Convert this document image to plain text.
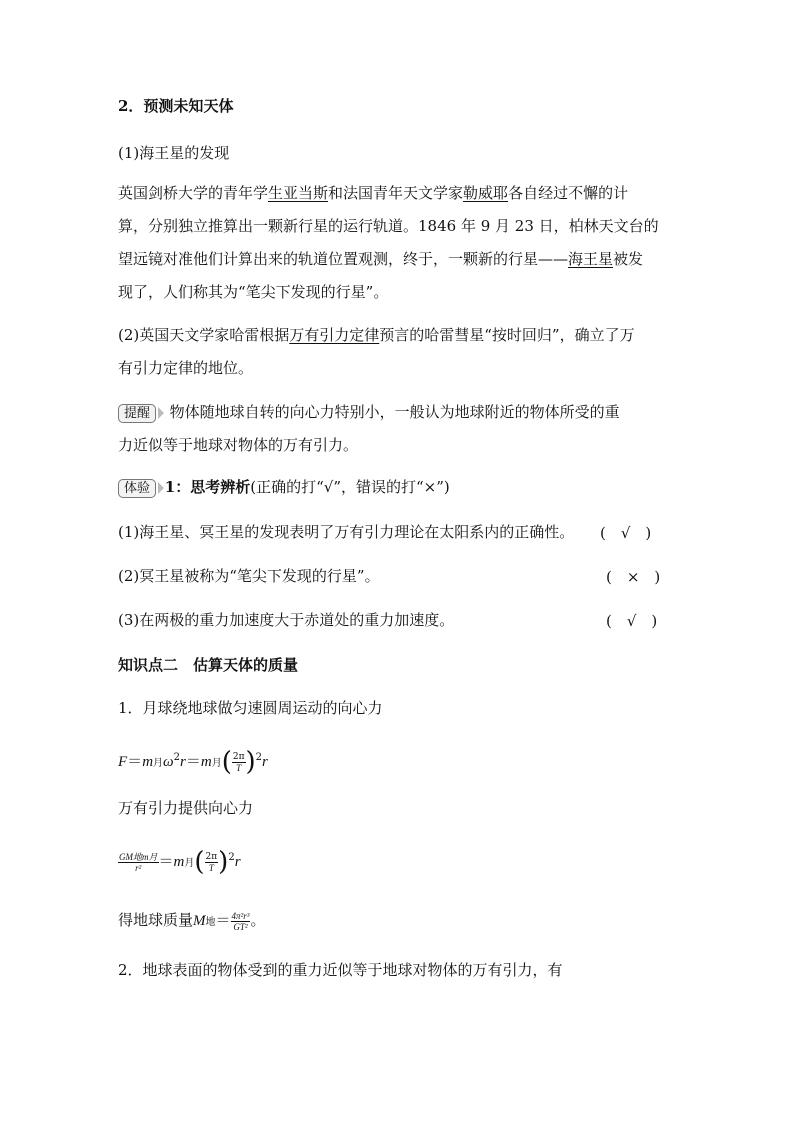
2．预测未知天体
(1)海王星的发现
英国剑桥大学的青年学生亚当斯和法国青年天文学家勒威耶各自经过不懈的计
算，分别独立推算出一颗新行星的运行轨道。1846 年 9 月 23 日，柏林天文台的
望远镜对准他们计算出来的轨道位置观测，终于，一颗新的行星——海王星被发
现了，人们称其为“笔尖下发现的行星”。
(2)英国天文学家哈雷根据万有引力定律预言的哈雷彗星“按时回归”，确立了万
有引力定律的地位。
提醒 物体随地球自转的向心力特别小，一般认为地球附近的物体所受的重
力近似等于地球对物体的万有引力。
体验 1：思考辨析(正确的打“√”，错误的打“×”)
(1)海王星、冥王星的发现表明了万有引力理论在太阳系内的正确性。 (　√　)
(2)冥王星被称为“笔尖下发现的行星”。	(　×　)
(3)在两极的重力加速度大于赤道处的重力加速度。	(　√　)
知识点二　估算天体的质量
1．月球绕地球做匀速圆周运动的向心力
F＝m月$\omega^2r=m$月( $\frac{2\pi}{T} )^2r$
万有引力提供向心力
$\frac{\text{GM地m月}}{\text{r²}} =m$月( $\frac{2\pi}{T} )^2r$
得地球质量M地＝ $\frac{\text{4π²r³}}{\text{GT²}}$ 。
2．地球表面的物体受到的重力近似等于地球对物体的万有引力，有
